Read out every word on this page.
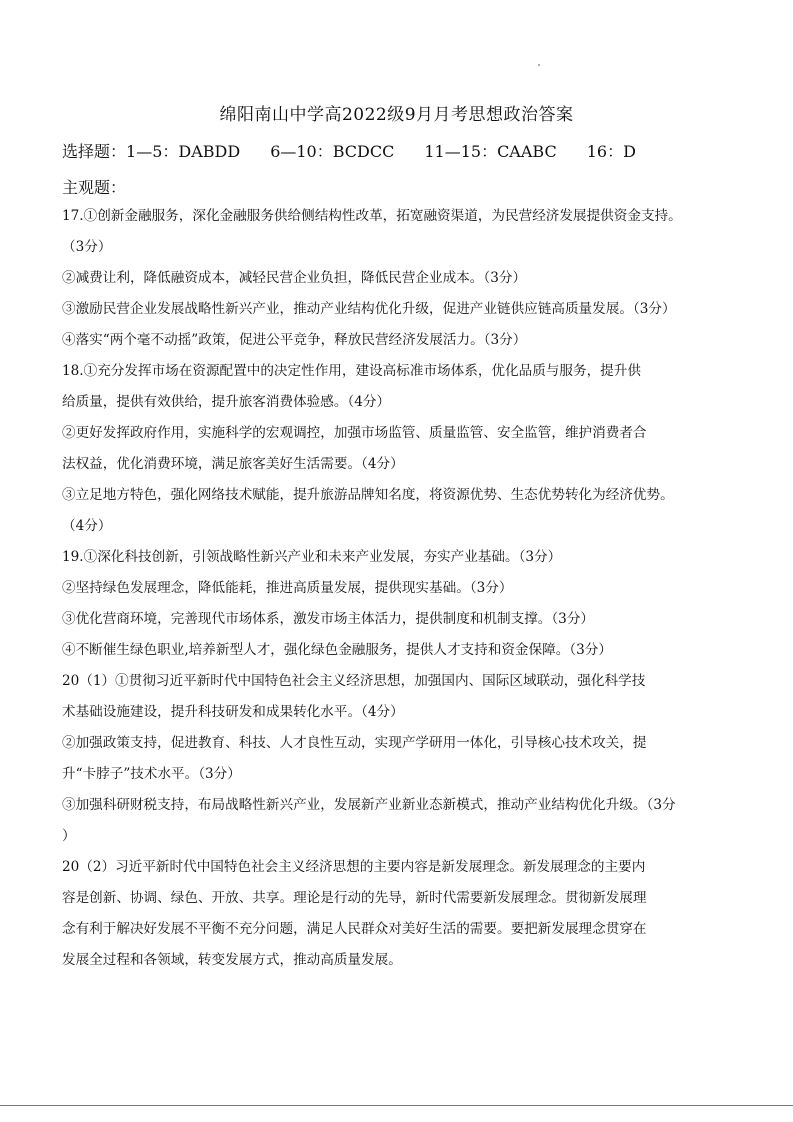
绵阳南山中学高2022级9月月考思想政治答案
选择题：1—5：DABDD 6—10：BCDCC 11—15：CAABC 16：D
主观题：

17.①创新金融服务，深化金融服务供给侧结构性改革，拓宽融资渠道，为民营经济发展提供资金支持。

（3分）

②减费让利，降低融资成本，减轻民营企业负担，降低民营企业成本。（3分）

③激励民营企业发展战略性新兴产业，推动产业结构优化升级，促进产业链供应链高质量发展。（3分）

④落实“两个毫不动摇”政策，促进公平竞争，释放民营经济发展活力。（3分）

18.①充分发挥市场在资源配置中的决定性作用，建设高标准市场体系，优化品质与服务，提升供

给质量，提供有效供给，提升旅客消费体验感。（4分）

②更好发挥政府作用，实施科学的宏观调控，加强市场监管、质量监管、安全监管，维护消费者合

法权益，优化消费环境，满足旅客美好生活需要。（4分）

③立足地方特色，强化网络技术赋能，提升旅游品牌知名度，将资源优势、生态优势转化为经济优势。

（4分）

19.①深化科技创新，引领战略性新兴产业和未来产业发展，夯实产业基础。（3分）

②坚持绿色发展理念，降低能耗，推进高质量发展，提供现实基础。（3分）

③优化营商环境，完善现代市场体系，激发市场主体活力，提供制度和机制支撑。（3分）

④不断催生绿色职业,培养新型人才，强化绿色金融服务，提供人才支持和资金保障。（3分）

20（1）①贯彻习近平新时代中国特色社会主义经济思想，加强国内、国际区域联动，强化科学技

术基础设施建设，提升科技研发和成果转化水平。（4分）

②加强政策支持，促进教育、科技、人才良性互动，实现产学研用一体化，引导核心技术攻关，提

升“卡脖子”技术水平。（3分）

③加强科研财税支持，布局战略性新兴产业，发展新产业新业态新模式，推动产业结构优化升级。（3分

）

20（2）习近平新时代中国特色社会主义经济思想的主要内容是新发展理念。新发展理念的主要内

容是创新、协调、绿色、开放、共享。理论是行动的先导，新时代需要新发展理念。贯彻新发展理

念有利于解决好发展不平衡不充分问题，满足人民群众对美好生活的需要。要把新发展理念贯穿在

发展全过程和各领域，转变发展方式，推动高质量发展。
